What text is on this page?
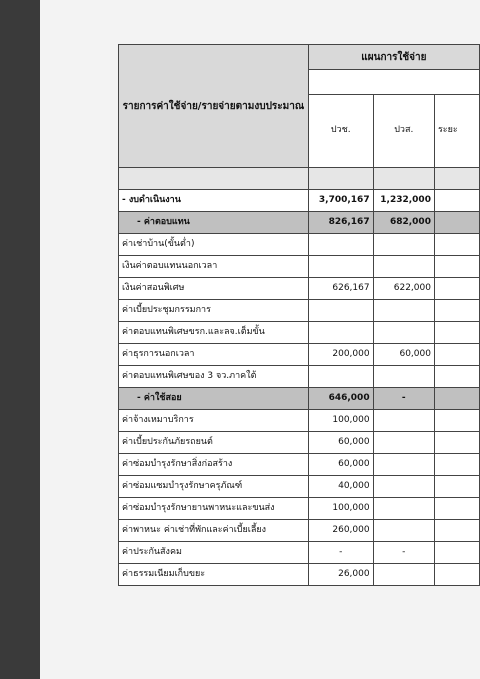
รายการค่าใช้จ่าย/รายจ่ายตามงบประมาณ	แผนการใช้จ่าย		

	ปวช.	ปวส.	ระยะ

- งบดำเนินงาน	3,700,167	1,232,000	
- ค่าตอบแทน	826,167	682,000	
ค่าเช่าบ้าน(ขั้นต่ำ)			
เงินค่าตอบแทนนอกเวลา			
เงินค่าสอนพิเศษ	626,167	622,000	
ค่าเบี้ยประชุมกรรมการ			
ค่าตอบแทนพิเศษขรก.และลจ.เต็มขั้น			
ค่าธุรการนอกเวลา	200,000	60,000	
ค่าตอบแทนพิเศษของ 3 จว.ภาคใต้			
- ค่าใช้สอย	646,000	-	
ค่าจ้างเหมาบริการ	100,000		
ค่าเบี้ยประกันภัยรถยนต์	60,000		
ค่าซ่อมบำรุงรักษาสิ่งก่อสร้าง	60,000		
ค่าซ่อมแซมบำรุงรักษาครุภัณฑ์	40,000		
ค่าซ่อมบำรุงรักษายานพาหนะและขนส่ง	100,000		
ค่าพาหนะ ค่าเช่าที่พักและค่าเบี้ยเลี้ยง	260,000		
ค่าประกันสังคม	-	-	
ค่าธรรมเนียมเก็บขยะ	26,000		
